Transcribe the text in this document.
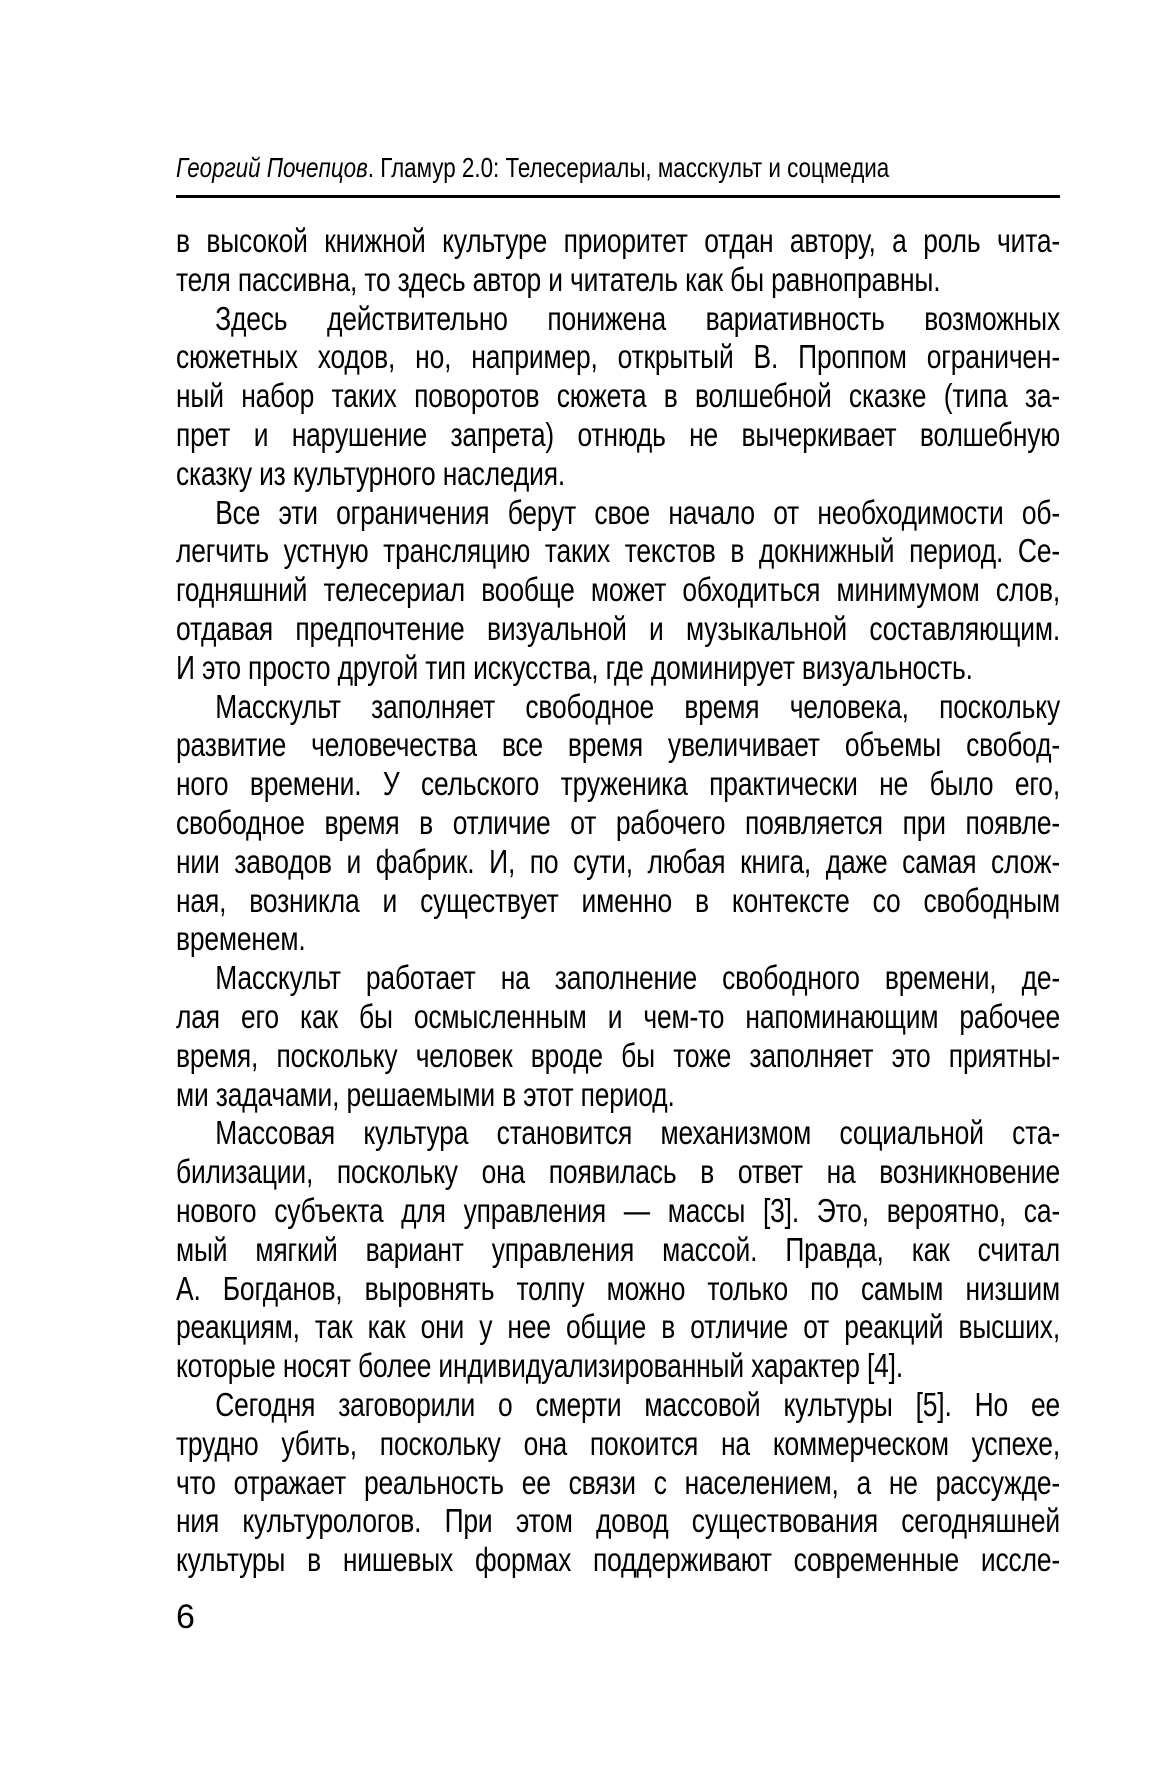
Георгий Почепцов. Гламур 2.0: Телесериалы, масскульт и соцмедиа
в высокой книжной культуре приоритет отдан автору, а роль чита-
теля пассивна, то здесь автор и читатель как бы равноправны.
Здесь действительно понижена вариативность возможных
сюжетных ходов, но, например, открытый В. Проппом ограничен-
ный набор таких поворотов сюжета в волшебной сказке (типа за-
прет и нарушение запрета) отнюдь не вычеркивает волшебную
сказку из культурного наследия.
Все эти ограничения берут свое начало от необходимости об-
легчить устную трансляцию таких текстов в докнижный период. Се-
годняшний телесериал вообще может обходиться минимумом слов,
отдавая предпочтение визуальной и музыкальной составляющим.
И это просто другой тип искусства, где доминирует визуальность.
Масскульт заполняет свободное время человека, поскольку
развитие человечества все время увеличивает объемы свобод-
ного времени. У сельского труженика практически не было его,
свободное время в отличие от рабочего появляется при появле-
нии заводов и фабрик. И, по сути, любая книга, даже самая слож-
ная, возникла и существует именно в контексте со свободным
временем.
Масскульт работает на заполнение свободного времени, де-
лая его как бы осмысленным и чем-то напоминающим рабочее
время, поскольку человек вроде бы тоже заполняет это приятны-
ми задачами, решаемыми в этот период.
Массовая культура становится механизмом социальной ста-
билизации, поскольку она появилась в ответ на возникновение
нового субъекта для управления — массы [3]. Это, вероятно, са-
мый мягкий вариант управления массой. Правда, как считал
А. Богданов, выровнять толпу можно только по самым низшим
реакциям, так как они у нее общие в отличие от реакций высших,
которые носят более индивидуализированный характер [4].
Сегодня заговорили о смерти массовой культуры [5]. Но ее
трудно убить, поскольку она покоится на коммерческом успехе,
что отражает реальность ее связи с населением, а не рассужде-
ния культурологов. При этом довод существования сегодняшней
культуры в нишевых формах поддерживают современные иссле-
6
